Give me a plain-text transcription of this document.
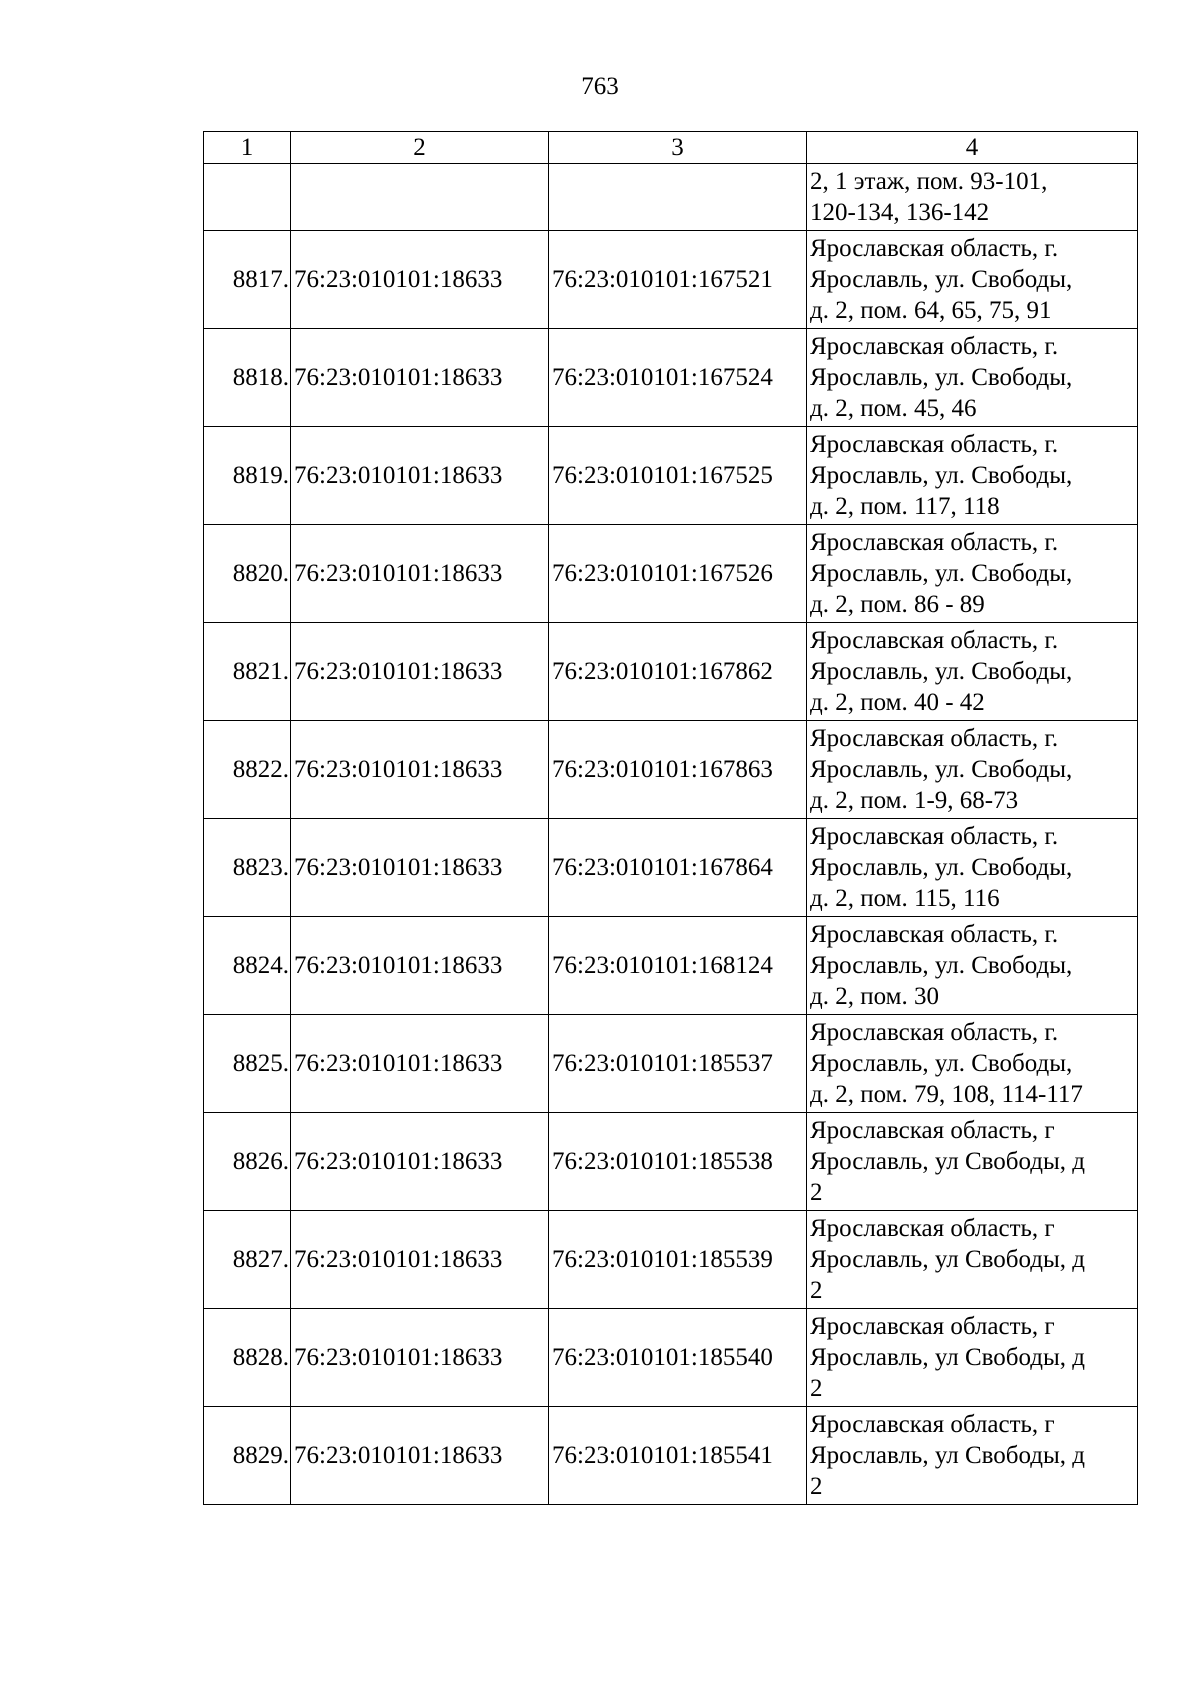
763
1	2	3	4

			2, 1 этаж, пом. 93-101,
120-134, 136-142

8817.	76:23:010101:18633	76:23:010101:167521	Ярославская область, г.
Ярославль, ул. Свободы,
д. 2, пом. 64, 65, 75, 91

8818.	76:23:010101:18633	76:23:010101:167524	Ярославская область, г.
Ярославль, ул. Свободы,
д. 2, пом. 45, 46

8819.	76:23:010101:18633	76:23:010101:167525	Ярославская область, г.
Ярославль, ул. Свободы,
д. 2, пом. 117, 118

8820.	76:23:010101:18633	76:23:010101:167526	Ярославская область, г.
Ярославль, ул. Свободы,
д. 2, пом. 86 - 89

8821.	76:23:010101:18633	76:23:010101:167862	Ярославская область, г.
Ярославль, ул. Свободы,
д. 2, пом. 40 - 42

8822.	76:23:010101:18633	76:23:010101:167863	Ярославская область, г.
Ярославль, ул. Свободы,
д. 2, пом. 1-9, 68-73

8823.	76:23:010101:18633	76:23:010101:167864	Ярославская область, г.
Ярославль, ул. Свободы,
д. 2, пом. 115, 116

8824.	76:23:010101:18633	76:23:010101:168124	Ярославская область, г.
Ярославль, ул. Свободы,
д. 2, пом. 30

8825.	76:23:010101:18633	76:23:010101:185537	Ярославская область, г.
Ярославль, ул. Свободы,
д. 2, пом. 79, 108, 114-117

8826.	76:23:010101:18633	76:23:010101:185538	Ярославская область, г
Ярославль, ул Свободы, д
2

8827.	76:23:010101:18633	76:23:010101:185539	Ярославская область, г
Ярославль, ул Свободы, д
2

8828.	76:23:010101:18633	76:23:010101:185540	Ярославская область, г
Ярославль, ул Свободы, д
2

8829.	76:23:010101:18633	76:23:010101:185541	Ярославская область, г
Ярославль, ул Свободы, д
2
